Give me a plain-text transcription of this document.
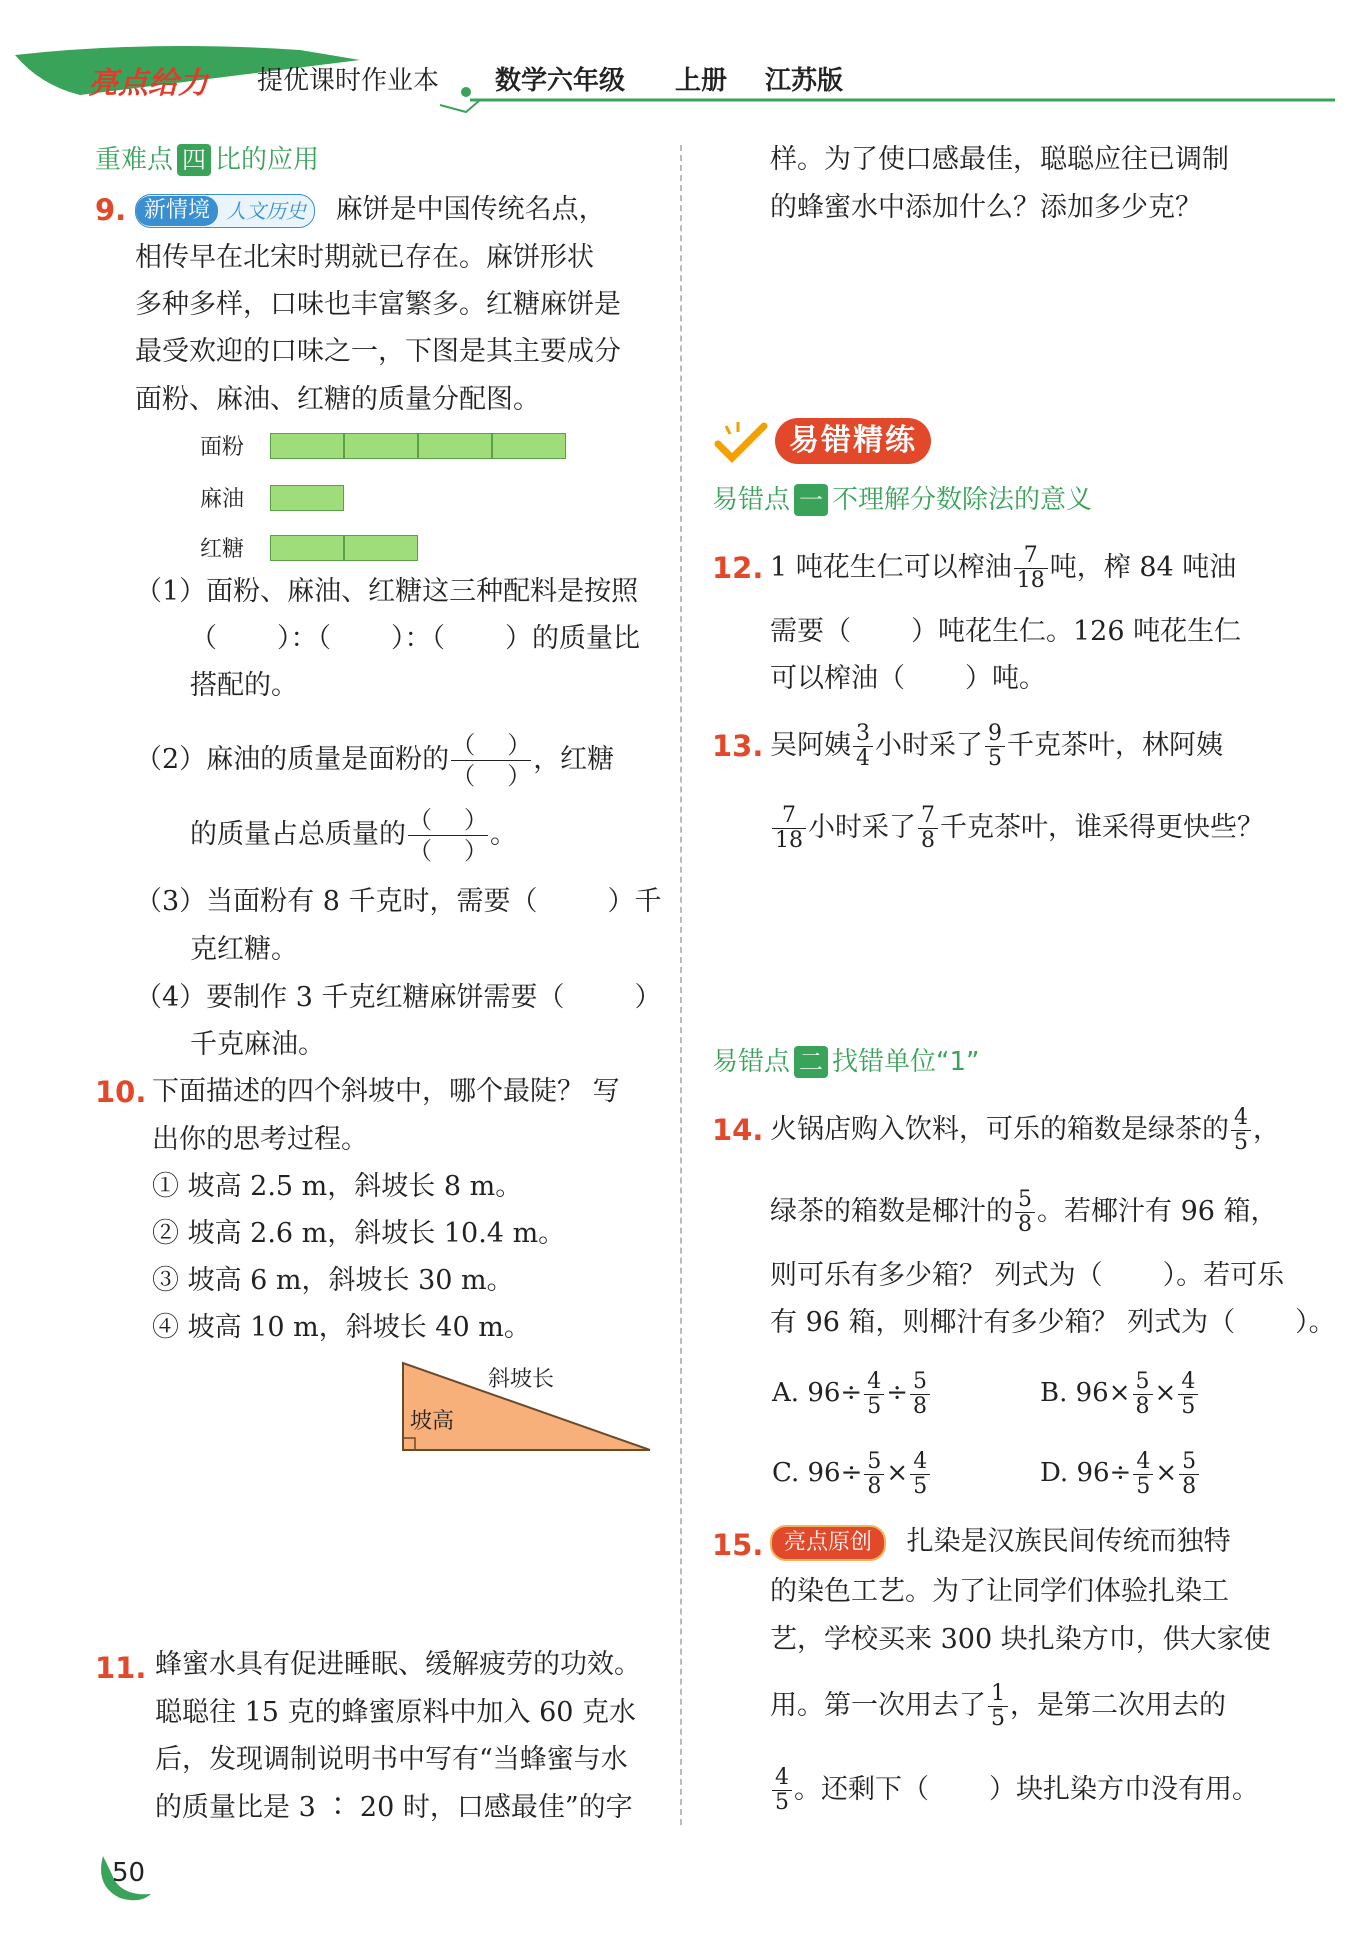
亮点给力 提优课时作业本 数学六年级 上册 江苏版
重难点 四 比的应用
9. 新情境 人文历史 麻饼是中国传统名点，
相传早在北宋时期就已存在。麻饼形状
多种多样，口味也丰富繁多。红糖麻饼是
最受欢迎的口味之一，下图是其主要成分
面粉、麻油、红糖的质量分配图。
面粉
麻油
红糖
（1）面粉、麻油、红糖这三种配料是按照
（ ）：（ ）：（ ）的质量比
搭配的。
（2）麻油的质量是面粉的 （ ）
（ ）
，红糖
的质量占总质量的 （ ）
（ ）
。
（3）当面粉有 8 千克时，需要（	）千
克红糖。
（4）要制作 3 千克红糖麻饼需要（	）
千克麻油。
10. 下面描述的四个斜坡中，哪个最陡？ 写
出你的思考过程。
① 坡高 2.5 m，斜坡长 8 m。
② 坡高 2.6 m，斜坡长 10.4 m。
③ 坡高 6 m，斜坡长 30 m。
④ 坡高 10 m，斜坡长 40 m。
斜坡长
坡高
11. 蜂蜜水具有促进睡眠、缓解疲劳的功效。
聪聪往 15 克的蜂蜜原料中加入 60 克水
后，发现调制说明书中写有“当蜂蜜与水
的质量比是 3 ∶ 20 时，口感最佳”的字
样。为了使口感最佳，聪聪应往已调制
的蜂蜜水中添加什么？添加多少克？
易错精练
易错点 一 不理解分数除法的意义
12. 1 吨花生仁可以榨油 $\frac{7}{18}$ 吨，榨 84 吨油
需要（ ）吨花生仁。126 吨花生仁
可以榨油（ ）吨。
13. 吴阿姨 $\frac{3}{4}$ 小时采了 $\frac{9}{5}$ 千克茶叶，林阿姨
$\frac{7}{18}$ 小时采了 $\frac{7}{8}$ 千克茶叶，谁采得更快些？
易错点 二 找错单位“1”
14. 火锅店购入饮料，可乐的箱数是绿茶的 $\frac{4}{5}$ ，
绿茶的箱数是椰汁的 $\frac{5}{8}$ 。若椰汁有 96 箱，
则可乐有多少箱？ 列式为（ ）。若可乐
有 96 箱，则椰汁有多少箱？ 列式为（ ）。
A. $96\div \frac{4}{5} \div \frac{5}{8}$	B. $96\times \frac{5}{8} \times \frac{4}{5}$
C. $96\div \frac{5}{8} \times \frac{4}{5}$	D. $96\div \frac{4}{5} \times \frac{5}{8}$
15. 亮点原创 扎染是汉族民间传统而独特
的染色工艺。为了让同学们体验扎染工
艺，学校买来 300 块扎染方巾，供大家使
用。第一次用去了 $\frac{1}{5}$ ，是第二次用去的
$\frac{4}{5}$ 。还剩下（ ）块扎染方巾没有用。
50
